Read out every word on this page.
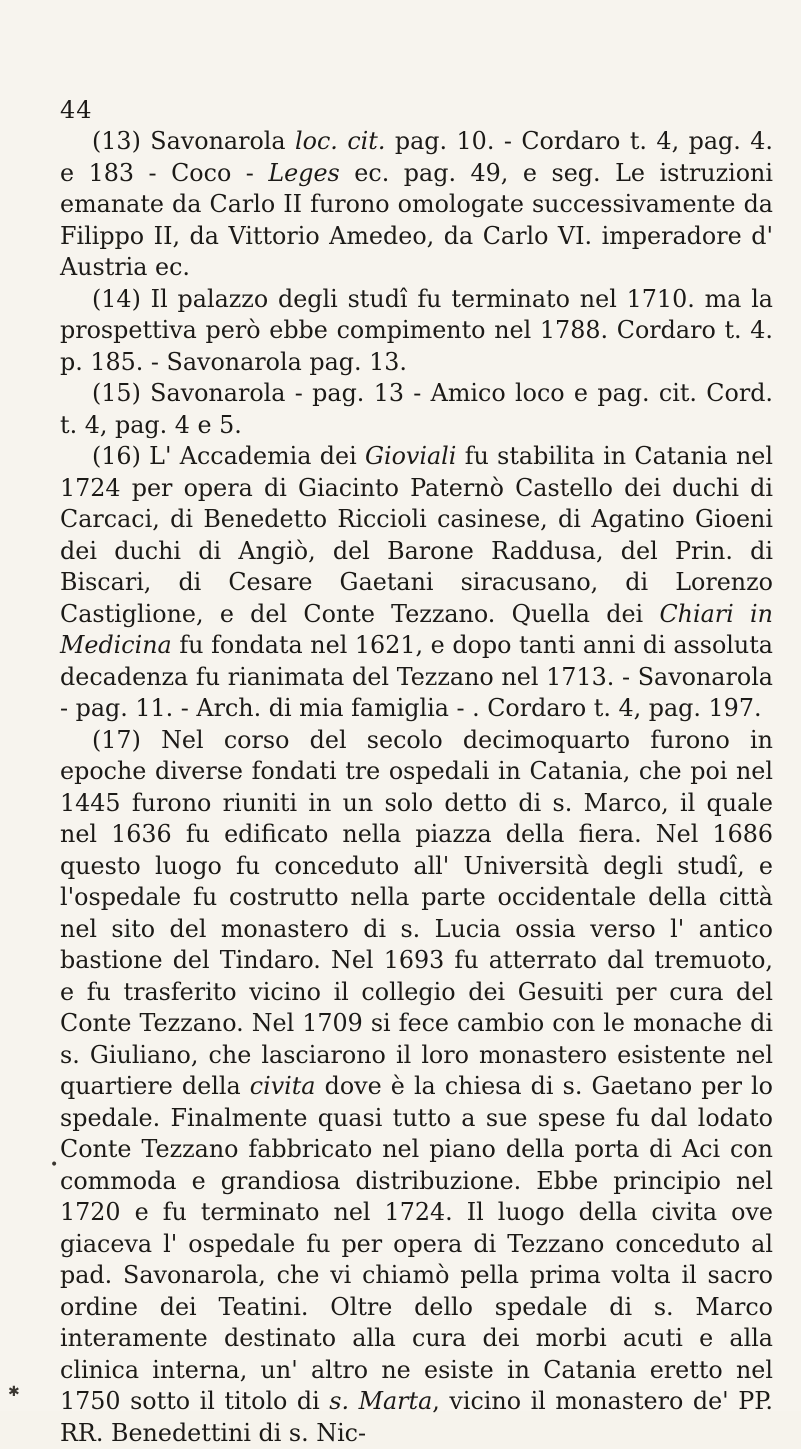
44

(13) Savonarola loc. cit. pag. 10. - Cordaro t. 4, pag. 4. e 183 - Coco - Leges ec. pag. 49, e seg. Le istruzioni emanate da Carlo II furono omologate successivamente da Filippo II, da Vittorio Amedeo, da Carlo VI. imperadore d' Austria ec.

(14) Il palazzo degli studî fu terminato nel 1710. ma la prospettiva però ebbe compimento nel 1788. Cordaro t. 4. p. 185. - Savonarola pag. 13.

(15) Savonarola - pag. 13 - Amico loco e pag. cit. Cord. t. 4, pag. 4 e 5.

(16) L' Accademia dei Gioviali fu stabilita in Catania nel 1724 per opera di Giacinto Paternò Castello dei duchi di Carcaci, di Benedetto Riccioli casinese, di Agatino Gioeni dei duchi di Angiò, del Barone Raddusa, del Prin. di Biscari, di Cesare Gaetani siracusano, di Lorenzo Castiglione, e del Conte Tezzano. Quella dei Chiari in Medicina fu fondata nel 1621, e dopo tanti anni di assoluta decadenza fu rianimata del Tezzano nel 1713. - Savonarola - pag. 11. - Arch. di mia famiglia - . Cordaro t. 4, pag. 197.

(17) Nel corso del secolo decimoquarto furono in epoche diverse fondati tre ospedali in Catania, che poi nel 1445 furono riuniti in un solo detto di s. Marco, il quale nel 1636 fu edificato nella piazza della fiera. Nel 1686 questo luogo fu conceduto all' Università degli studî, e l'ospedale fu costrutto nella parte occidentale della città nel sito del monastero di s. Lucia ossia verso l' antico bastione del Tindaro. Nel 1693 fu atterrato dal tremuoto, e fu trasferito vicino il collegio dei Gesuiti per cura del Conte Tezzano. Nel 1709 si fece cambio con le monache di s. Giuliano, che lasciarono il loro monastero esistente nel quartiere della civita dove è la chiesa di s. Gaetano per lo spedale. Finalmente quasi tutto a sue spese fu dal lodato Conte Tezzano fabbricato nel piano della porta di Aci con commoda e grandiosa distribuzione. Ebbe principio nel 1720 e fu terminato nel 1724. Il luogo della civita ove giaceva l' ospedale fu per opera di Tezzano conceduto al pad. Savonarola, che vi chiamò pella prima volta il sacro ordine dei Teatini. Oltre dello spedale di s. Marco interamente destinato alla cura dei morbi acuti e alla clinica interna, un' altro ne esiste in Catania eretto nel 1750 sotto il titolo di s. Marta, vicino il monastero de' PP. RR. Benedettini di s. Nic-

•
✱
